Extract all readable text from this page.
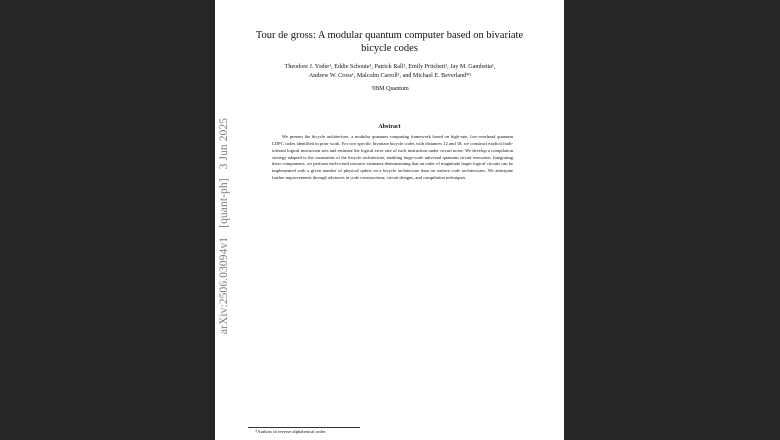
Tour de gross: A modular quantum computer based on bivariate bicycle codes
Theodore J. Yoder¹, Eddie Schoute¹, Patrick Rall¹, Emily Pritchett¹, Jay M. Gambetta¹,
Andrew W. Cross¹, Malcolm Carroll¹, and Michael E. Beverland*¹
¹IBM Quantum
Abstract
We present the bicycle architecture, a modular quantum computing framework based on high-rate, low-overhead quantum LDPC codes identified in prior work. For two specific bivariate bicycle codes with distances 12 and 18, we construct explicit fault-tolerant logical instruction sets and estimate the logical error rate of each instruction under circuit noise. We develop a compilation strategy adapted to the constraints of the bicycle architecture, enabling large-scale universal quantum circuit execution. Integrating these components, we perform end-to-end resource estimates demonstrating that an order of magnitude larger logical circuits can be implemented with a given number of physical qubits on a bicycle architecture than on surface code architectures. We anticipate further improvements through advances in code constructions, circuit designs, and compilation techniques.
*Authors in reverse alphabetical order.
arXiv:2506.03094v1 [quant-ph] 3 Jun 2025
